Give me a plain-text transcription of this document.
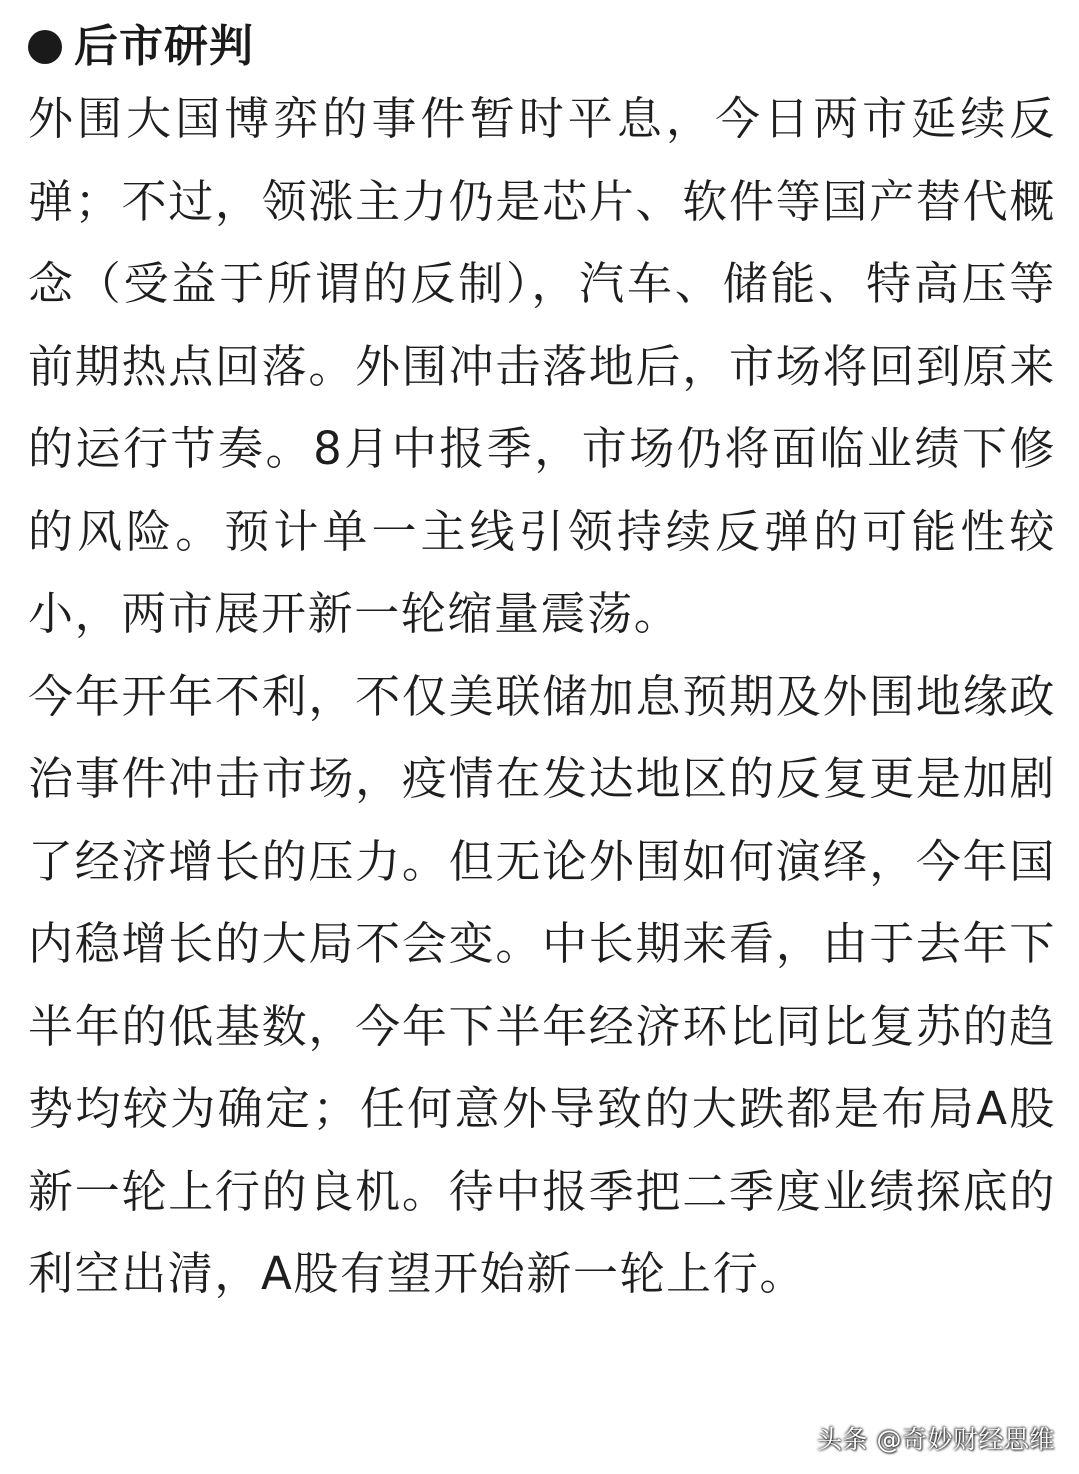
后市研判

外围大国博弈的事件暂时平息，今日两市延续反弹；不过，领涨主力仍是芯片、软件等国产替代概念（受益于所谓的反制），汽车、储能、特高压等前期热点回落。外围冲击落地后，市场将回到原来的运行节奏。8月中报季，市场仍将面临业绩下修的风险。预计单一主线引领持续反弹的可能性较小，两市展开新一轮缩量震荡。

今年开年不利，不仅美联储加息预期及外围地缘政治事件冲击市场，疫情在发达地区的反复更是加剧了经济增长的压力。但无论外围如何演绎，今年国内稳增长的大局不会变。中长期来看，由于去年下半年的低基数，今年下半年经济环比同比复苏的趋势均较为确定；任何意外导致的大跌都是布局A股新一轮上行的良机。待中报季把二季度业绩探底的利空出清，A股有望开始新一轮上行。

头条 @奇妙财经思维
